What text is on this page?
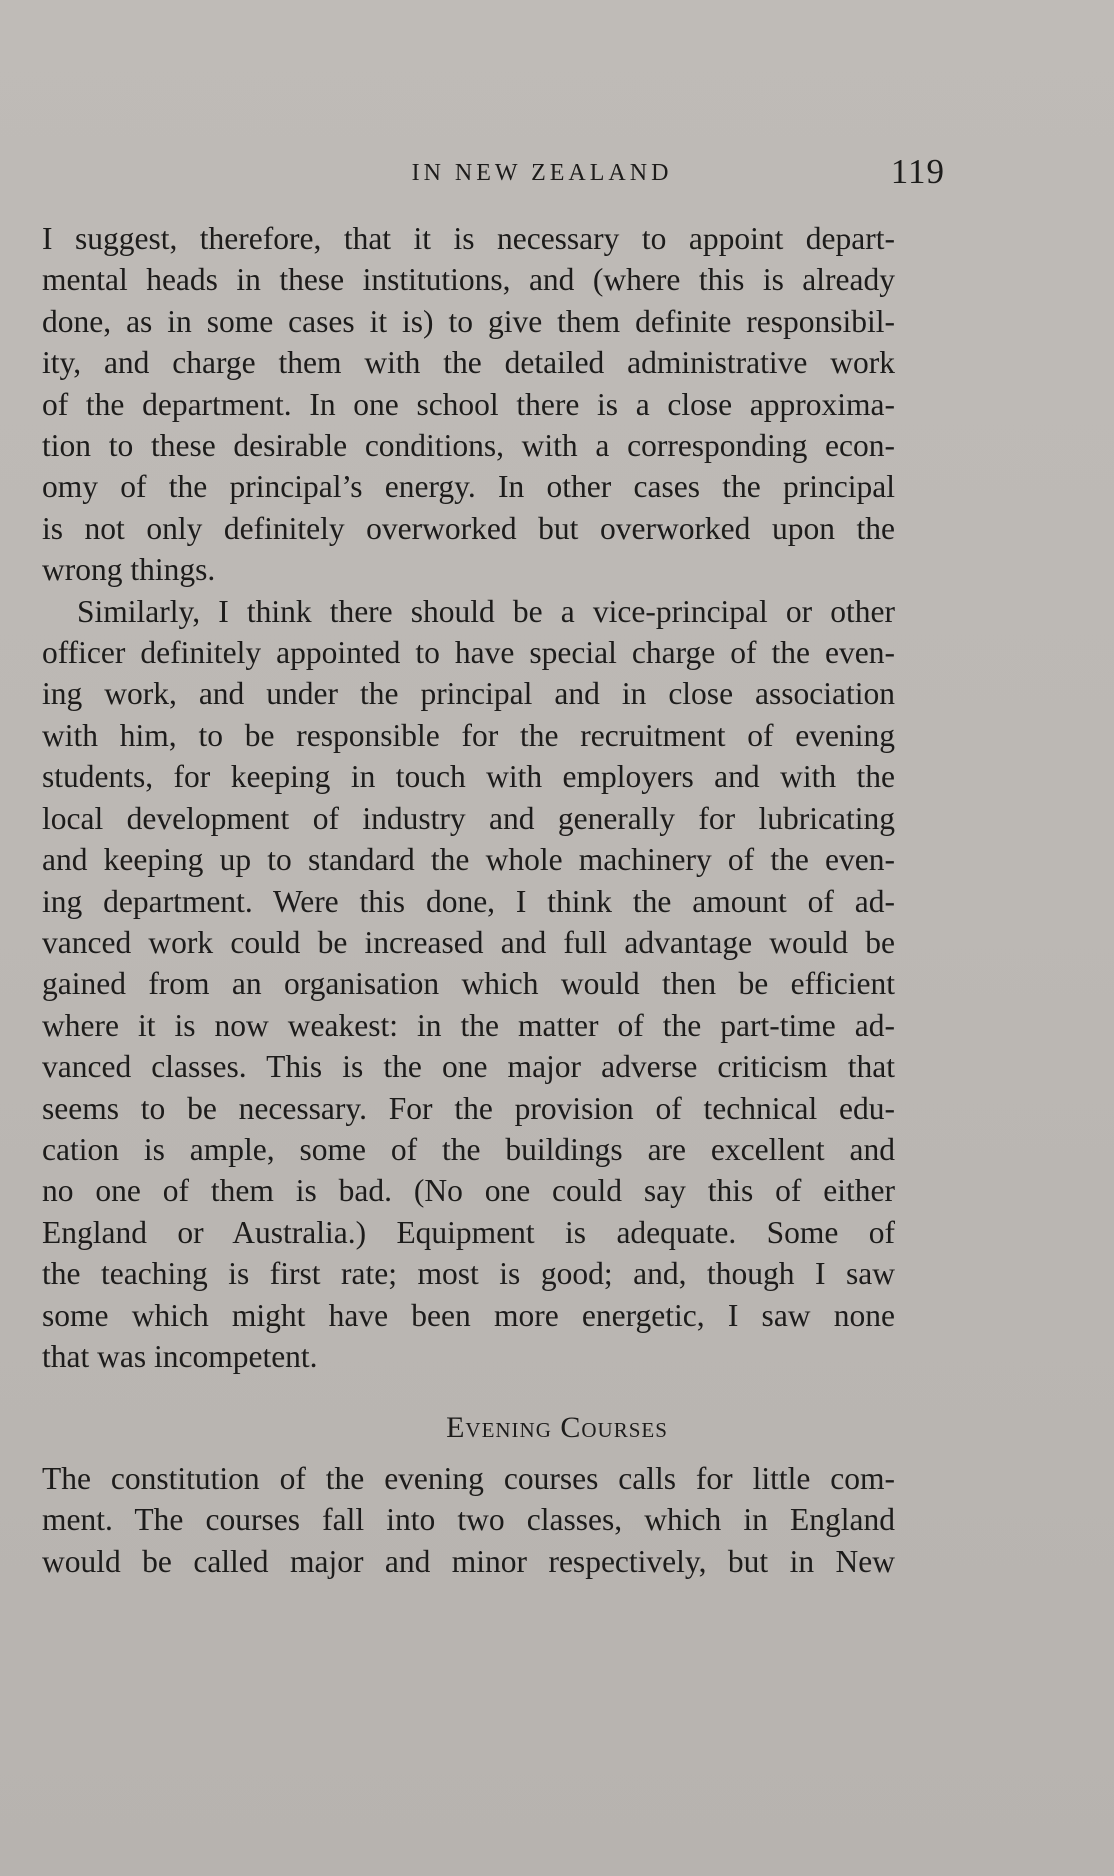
IN NEW ZEALAND	119
I suggest, therefore, that it is necessary to appoint depart-
mental heads in these institutions, and (where this is already
done, as in some cases it is) to give them definite responsibil-
ity, and charge them with the detailed administrative work
of the department. In one school there is a close approxima-
tion to these desirable conditions, with a corresponding econ-
omy of the principal’s energy. In other cases the principal
is not only definitely overworked but overworked upon the
wrong things.
Similarly, I think there should be a vice-principal or other
officer definitely appointed to have special charge of the even-
ing work, and under the principal and in close association
with him, to be responsible for the recruitment of evening
students, for keeping in touch with employers and with the
local development of industry and generally for lubricating
and keeping up to standard the whole machinery of the even-
ing department. Were this done, I think the amount of ad-
vanced work could be increased and full advantage would be
gained from an organisation which would then be efficient
where it is now weakest: in the matter of the part-time ad-
vanced classes. This is the one major adverse criticism that
seems to be necessary. For the provision of technical edu-
cation is ample, some of the buildings are excellent and
no one of them is bad. (No one could say this of either
England or Australia.) Equipment is adequate. Some of
the teaching is first rate; most is good; and, though I saw
some which might have been more energetic, I saw none
that was incompetent.
Evening Courses
The constitution of the evening courses calls for little com-
ment. The courses fall into two classes, which in England
would be called major and minor respectively, but in New
